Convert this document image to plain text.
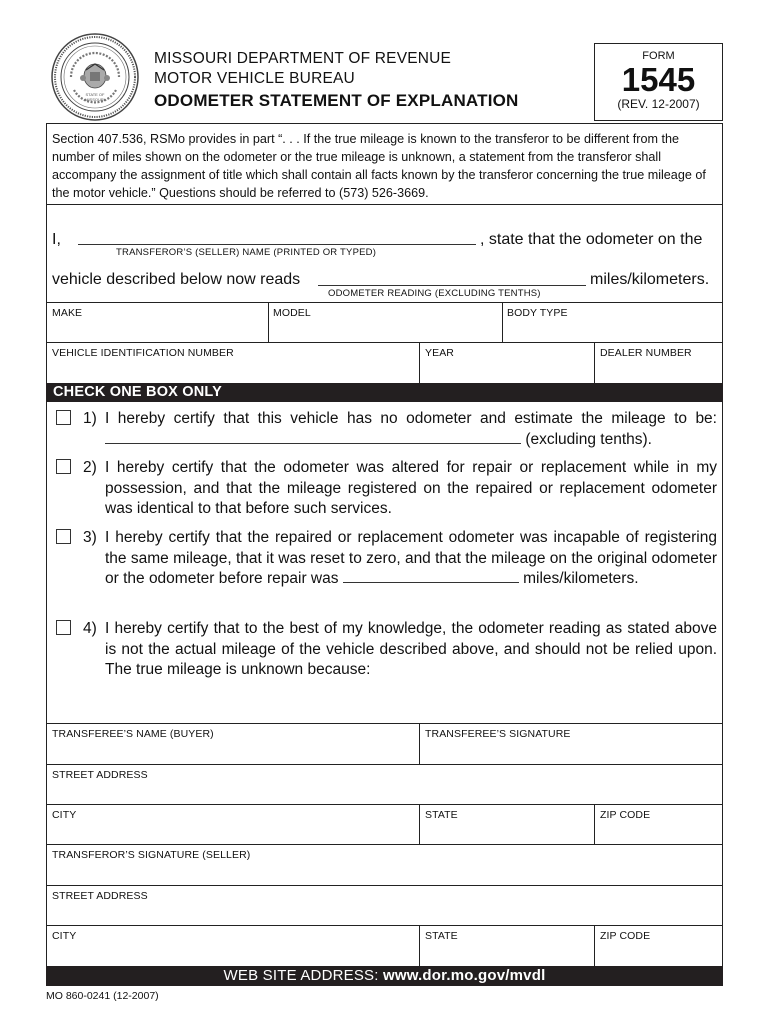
STATE OF
MISSOURI
MISSOURI DEPARTMENT OF REVENUE
MOTOR VEHICLE BUREAU
ODOMETER STATEMENT OF EXPLANATION
FORM
1545
(REV. 12-2007)
Section 407.536, RSMo provides in part “. . . If the true mileage is known to the transferor to be different from the number of miles shown on the odometer or the true mileage is unknown, a statement from the transferor shall accompany the assignment of title which shall contain all facts known by the transferor concerning the true mileage of the motor vehicle.” Questions should be referred to (573) 526-3669.
I,	, state that the odometer on the
TRANSFEROR’S (SELLER) NAME (PRINTED OR TYPED)
vehicle described below now reads	miles/kilometers.
ODOMETER READING (EXCLUDING TENTHS)
MAKE	MODEL	BODY TYPE
VEHICLE IDENTIFICATION NUMBER	YEAR	DEALER NUMBER
CHECK ONE BOX ONLY
1) I hereby certify that this vehicle has no odometer and estimate the mileage to be:  (excluding tenths).
2) I hereby certify that the odometer was altered for repair or replacement while in my possession, and that the mileage registered on the repaired or replacement odometer was identical to that before such services.
3) I hereby certify that the repaired or replacement odometer was incapable of registering the same mileage, that it was reset to zero, and that the mileage on the original odometer or the odometer before repair was	miles/kilometers.
4) I hereby certify that to the best of my knowledge, the odometer reading as stated above is not the actual mileage of the vehicle described above, and should not be relied upon. The true mileage is unknown because:
TRANSFEREE’S NAME (BUYER)	TRANSFEREE’S SIGNATURE
STREET ADDRESS
CITY	STATE	ZIP CODE
TRANSFEROR’S SIGNATURE (SELLER)
STREET ADDRESS
CITY	STATE	ZIP CODE
WEB SITE ADDRESS: www.dor.mo.gov/mvdl
MO 860-0241 (12-2007)
